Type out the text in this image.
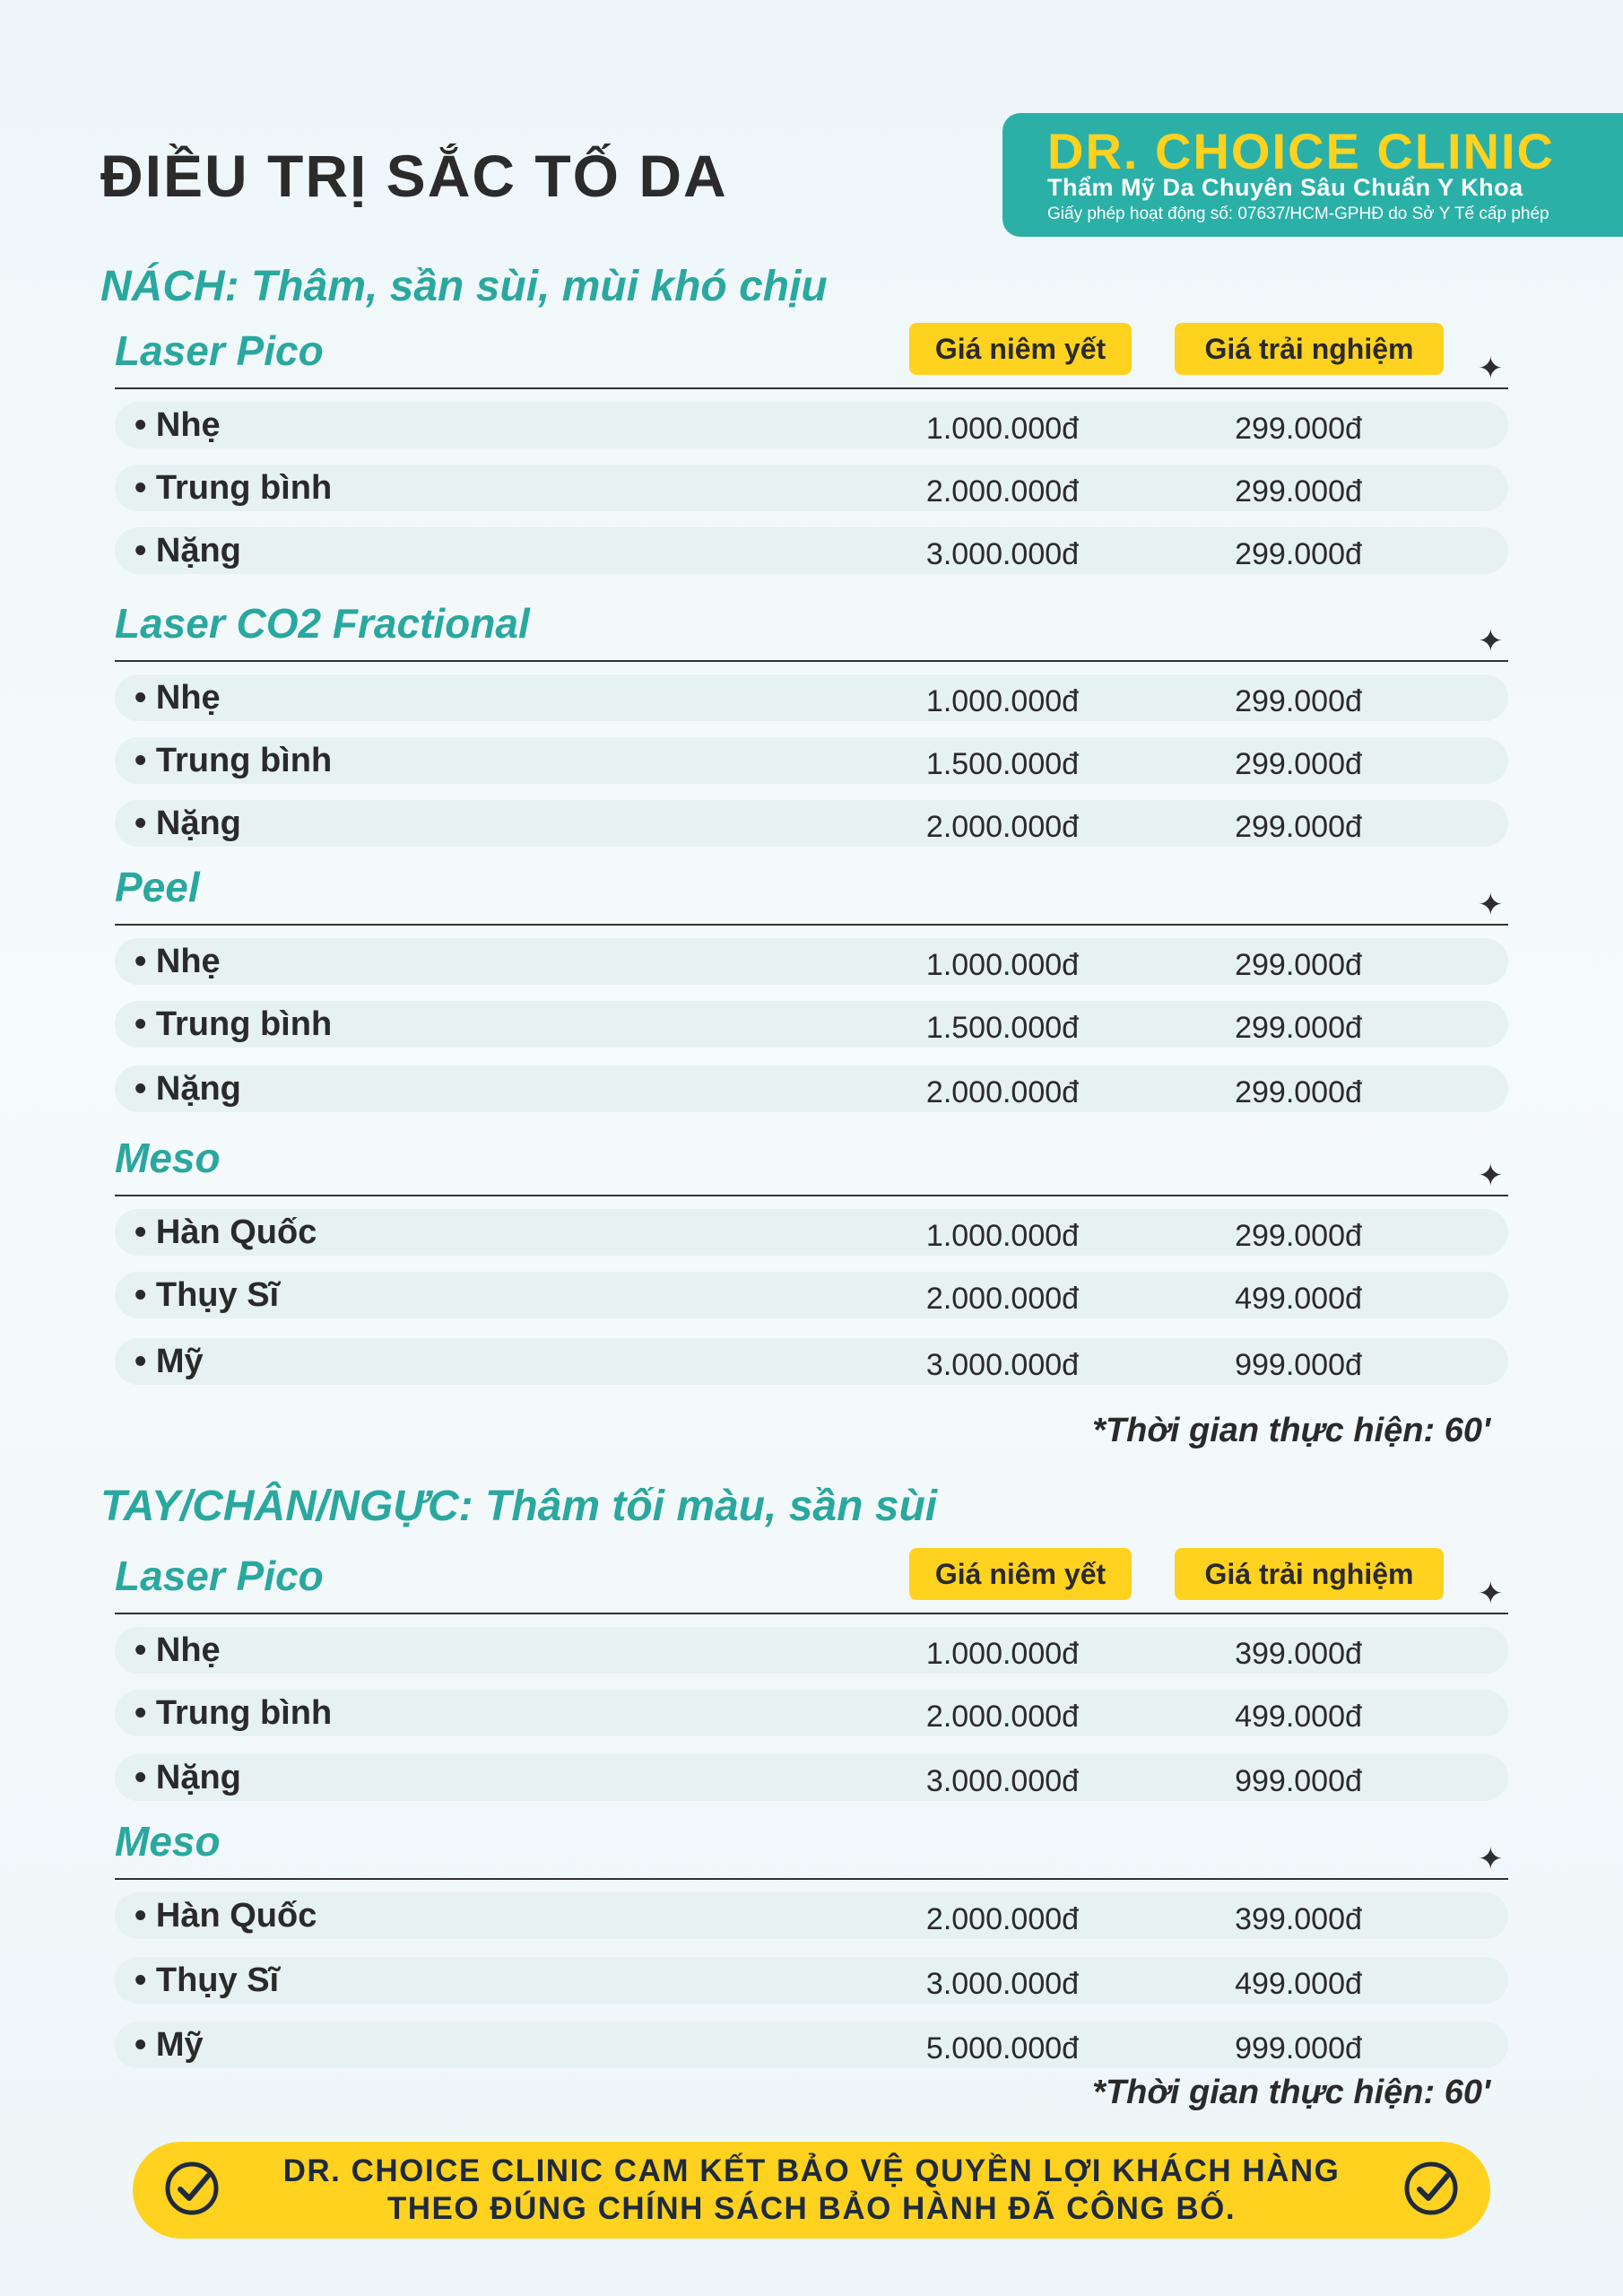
ĐIỀU TRỊ SẮC TỐ DA	DR. CHOICE CLINIC
Thẩm Mỹ Da Chuyên Sâu Chuẩn Y Khoa
Giấy phép hoạt động số: 07637/HCM-GPHĐ do Sở Y Tế cấp phép
NÁCH: Thâm, sần sùi, mùi khó chịu
Laser Pico	Giá niêm yết	Giá trải nghiệm
✦
• Nhẹ	1.000.000đ	299.000đ
• Trung bình	2.000.000đ	299.000đ
• Nặng	3.000.000đ	299.000đ
Laser CO2 Fractional	✦
• Nhẹ	1.000.000đ	299.000đ
• Trung bình	1.500.000đ	299.000đ
• Nặng	2.000.000đ	299.000đ
Peel	✦
• Nhẹ	1.000.000đ	299.000đ
• Trung bình	1.500.000đ	299.000đ
• Nặng	2.000.000đ	299.000đ
Meso	✦
• Hàn Quốc	1.000.000đ	299.000đ
• Thụy Sĩ	2.000.000đ	499.000đ
• Mỹ	3.000.000đ	999.000đ
*Thời gian thực hiện: 60'
TAY/CHÂN/NGỰC: Thâm tối màu, sần sùi
Laser Pico	Giá niêm yết	Giá trải nghiệm
✦
• Nhẹ	1.000.000đ	399.000đ
• Trung bình	2.000.000đ	499.000đ
• Nặng	3.000.000đ	999.000đ
Meso	✦
• Hàn Quốc	2.000.000đ	399.000đ
• Thụy Sĩ	3.000.000đ	499.000đ
• Mỹ	5.000.000đ	999.000đ
*Thời gian thực hiện: 60'
DR. CHOICE CLINIC CAM KẾT BẢO VỆ QUYỀN LỢI KHÁCH HÀNG
THEO ĐÚNG CHÍNH SÁCH BẢO HÀNH ĐÃ CÔNG BỐ.
